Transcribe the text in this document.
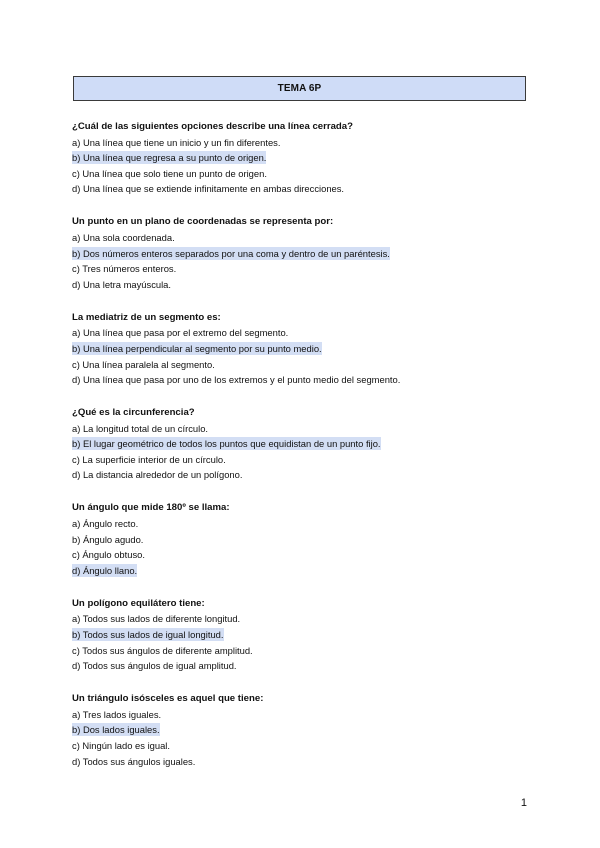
TEMA 6P
¿Cuál de las siguientes opciones describe una línea cerrada?
a) Una línea que tiene un inicio y un fin diferentes.
b) Una línea que regresa a su punto de origen.
c) Una línea que solo tiene un punto de origen.
d) Una línea que se extiende infinitamente en ambas direcciones.
Un punto en un plano de coordenadas se representa por:
a) Una sola coordenada.
b) Dos números enteros separados por una coma y dentro de un paréntesis.
c) Tres números enteros.
d) Una letra mayúscula.
La mediatriz de un segmento es:
a) Una línea que pasa por el extremo del segmento.
b) Una línea perpendicular al segmento por su punto medio.
c) Una línea paralela al segmento.
d) Una línea que pasa por uno de los extremos y el punto medio del segmento.
¿Qué es la circunferencia?
a) La longitud total de un círculo.
b) El lugar geométrico de todos los puntos que equidistan de un punto fijo.
c) La superficie interior de un círculo.
d) La distancia alrededor de un polígono.
Un ángulo que mide 180º se llama:
a) Ángulo recto.
b) Ángulo agudo.
c) Ángulo obtuso.
d) Ángulo llano.
Un polígono equilátero tiene:
a) Todos sus lados de diferente longitud.
b) Todos sus lados de igual longitud.
c) Todos sus ángulos de diferente amplitud.
d) Todos sus ángulos de igual amplitud.
Un triángulo isósceles es aquel que tiene:
a) Tres lados iguales.
b) Dos lados iguales.
c) Ningún lado es igual.
d) Todos sus ángulos iguales.
1
